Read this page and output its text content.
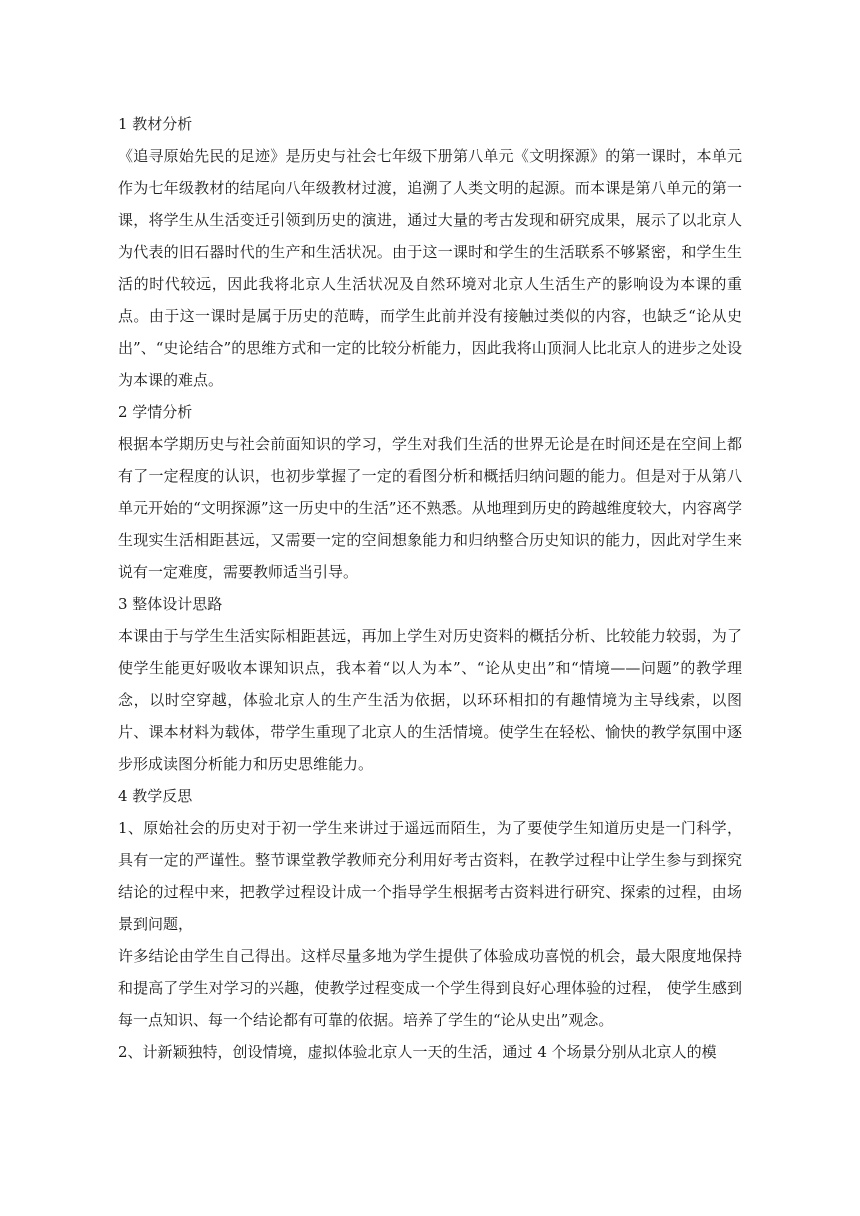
1 教材分析

《追寻原始先民的足迹》是历史与社会七年级下册第八单元《文明探源》的第一课时，本单元作为七年级教材的结尾向八年级教材过渡，追溯了人类文明的起源。而本课是第八单元的第一课，将学生从生活变迁引领到历史的演进，通过大量的考古发现和研究成果，展示了以北京人为代表的旧石器时代的生产和生活状况。由于这一课时和学生的生活联系不够紧密，和学生生活的时代较远，因此我将北京人生活状况及自然环境对北京人生活生产的影响设为本课的重点。由于这一课时是属于历史的范畴，而学生此前并没有接触过类似的内容，也缺乏“论从史出”、“史论结合”的思维方式和一定的比较分析能力，因此我将山顶洞人比北京人的进步之处设为本课的难点。

2 学情分析

根据本学期历史与社会前面知识的学习，学生对我们生活的世界无论是在时间还是在空间上都有了一定程度的认识，也初步掌握了一定的看图分析和概括归纳问题的能力。但是对于从第八单元开始的“文明探源”这一历史中的生活”还不熟悉。从地理到历史的跨越维度较大，内容离学生现实生活相距甚远，又需要一定的空间想象能力和归纳整合历史知识的能力，因此对学生来说有一定难度，需要教师适当引导。

3 整体设计思路

本课由于与学生生活实际相距甚远，再加上学生对历史资料的概括分析、比较能力较弱，为了使学生能更好吸收本课知识点，我本着“以人为本”、“论从史出”和“情境——问题”的教学理念，以时空穿越，体验北京人的生产生活为依据，以环环相扣的有趣情境为主导线索，以图片、课本材料为载体，带学生重现了北京人的生活情境。使学生在轻松、愉快的教学氛围中逐步形成读图分析能力和历史思维能力。

4 教学反思

1、原始社会的历史对于初一学生来讲过于遥远而陌生，为了要使学生知道历史是一门科学，具有一定的严谨性。整节课堂教学教师充分利用好考古资料，在教学过程中让学生参与到探究结论的过程中来，把教学过程设计成一个指导学生根据考古资料进行研究、探索的过程，由场景到问题，

许多结论由学生自己得出。这样尽量多地为学生提供了体验成功喜悦的机会，最大限度地保持和提高了学生对学习的兴趣，使教学过程变成一个学生得到良好心理体验的过程， 使学生感到每一点知识、每一个结论都有可靠的依据。培养了学生的“论从史出”观念。

2、计新颖独特，创设情境，虚拟体验北京人一天的生活，通过 4 个场景分别从北京人的模
